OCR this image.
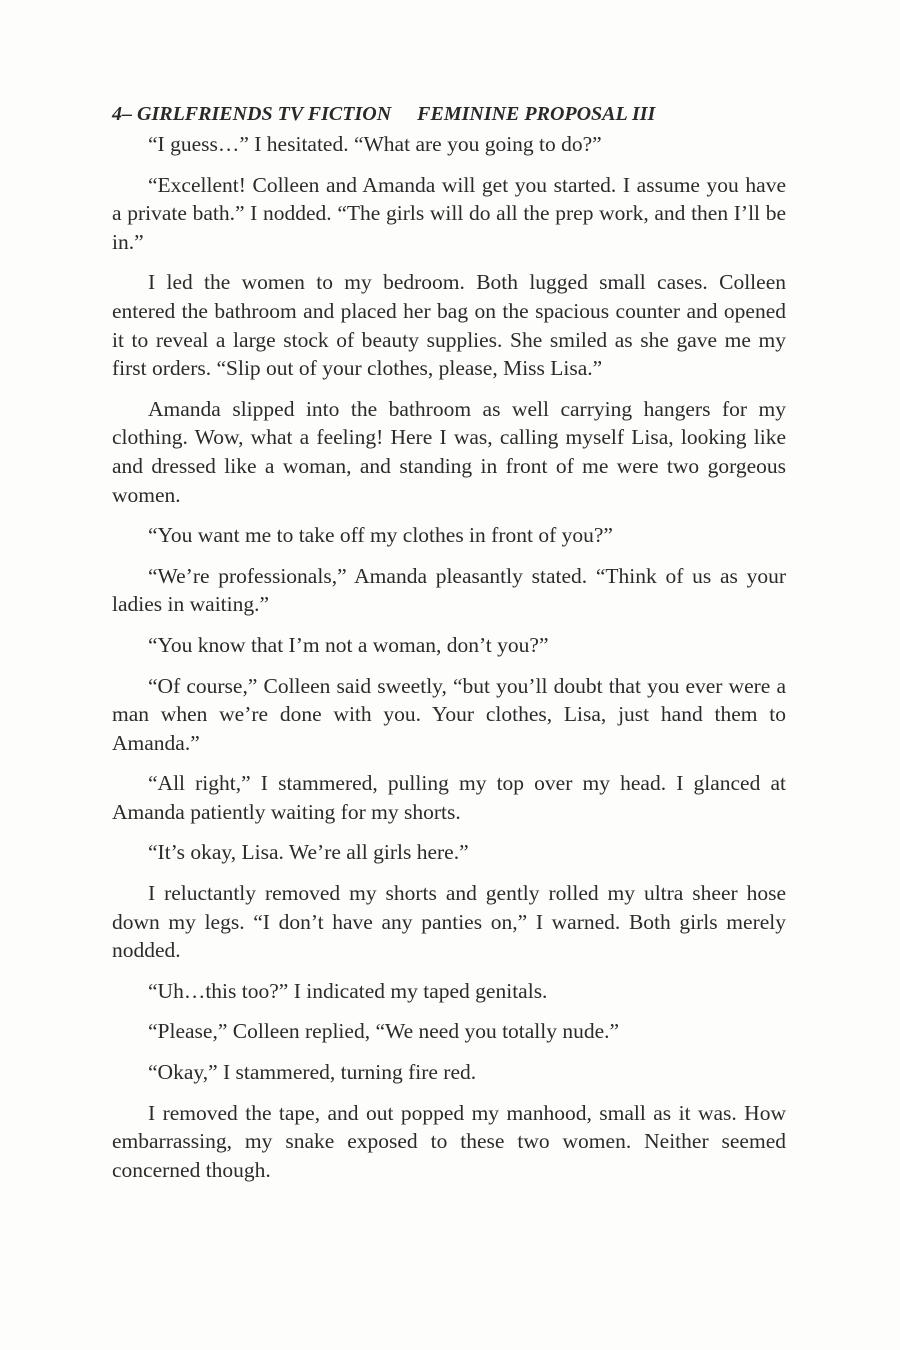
4– GIRLFRIENDS TV FICTION FEMININE PROPOSAL III

“I guess…” I hesitated. “What are you going to do?”

“Excellent! Colleen and Amanda will get you started. I assume you have a private bath.” I nodded. “The girls will do all the prep work, and then I’ll be in.”

I led the women to my bedroom. Both lugged small cases. Colleen entered the bathroom and placed her bag on the spacious counter and opened it to reveal a large stock of beauty supplies. She smiled as she gave me my first orders. “Slip out of your clothes, please, Miss Lisa.”

Amanda slipped into the bathroom as well carrying hangers for my clothing. Wow, what a feeling! Here I was, calling myself Lisa, looking like and dressed like a woman, and standing in front of me were two gorgeous women.

“You want me to take off my clothes in front of you?”

“We’re professionals,” Amanda pleasantly stated. “Think of us as your ladies in waiting.”

“You know that I’m not a woman, don’t you?”

“Of course,” Colleen said sweetly, “but you’ll doubt that you ever were a man when we’re done with you. Your clothes, Lisa, just hand them to Amanda.”

“All right,” I stammered, pulling my top over my head. I glanced at Amanda patiently waiting for my shorts.

“It’s okay, Lisa. We’re all girls here.”

I reluctantly removed my shorts and gently rolled my ultra sheer hose down my legs. “I don’t have any panties on,” I warned. Both girls merely nodded.

“Uh…this too?” I indicated my taped genitals.

“Please,” Colleen replied, “We need you totally nude.”

“Okay,” I stammered, turning fire red.

I removed the tape, and out popped my manhood, small as it was. How embarrassing, my snake exposed to these two women. Neither seemed concerned though.
